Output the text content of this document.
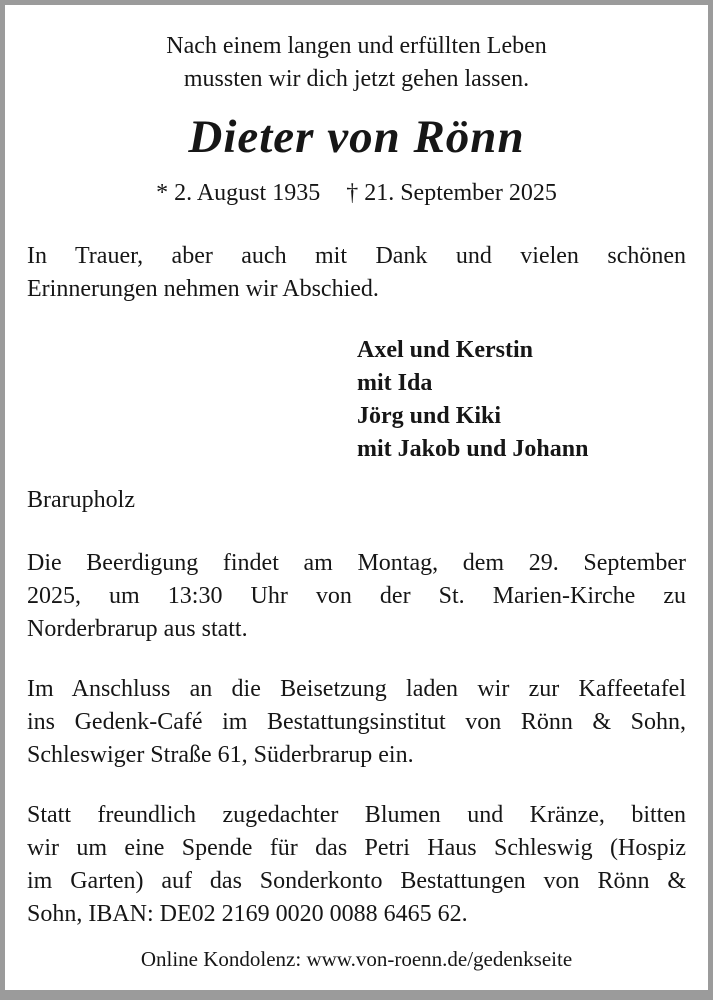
Nach einem langen und erfüllten Leben
mussten wir dich jetzt gehen lassen.
Dieter von Rönn
* 2. August 1935 † 21. September 2025
In Trauer, aber auch mit Dank und vielen schönen
Erinnerungen nehmen wir Abschied.
Axel und Kerstin
mit Ida
Jörg und Kiki
mit Jakob und Johann
Brarupholz
Die Beerdigung findet am Montag, dem 29. September
2025, um 13:30 Uhr von der St. Marien-Kirche zu
Norderbrarup aus statt.
Im Anschluss an die Beisetzung laden wir zur Kaffeetafel
ins Gedenk-Café im Bestattungsinstitut von Rönn & Sohn,
Schleswiger Straße 61, Süderbrarup ein.
Statt freundlich zugedachter Blumen und Kränze, bitten
wir um eine Spende für das Petri Haus Schleswig (Hospiz
im Garten) auf das Sonderkonto Bestattungen von Rönn &
Sohn, IBAN: DE02 2169 0020 0088 6465 62.
Online Kondolenz: www.von-roenn.de/gedenkseite
